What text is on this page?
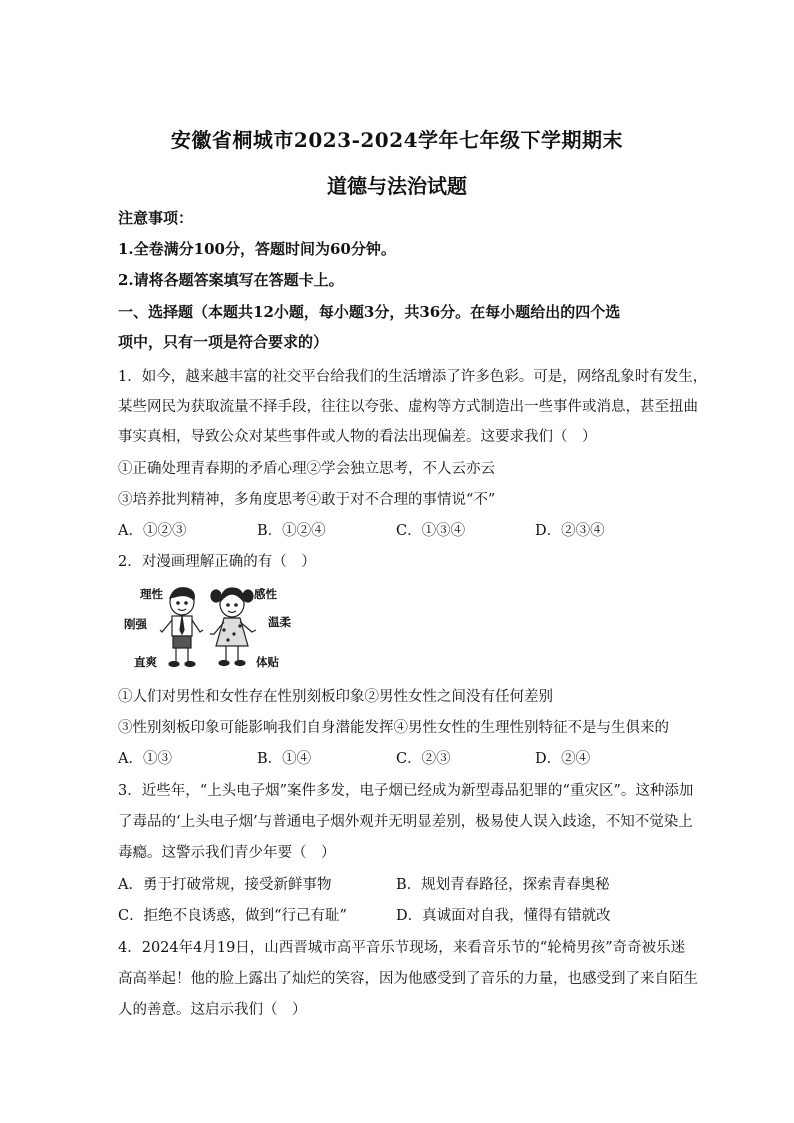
安徽省桐城市2023-2024学年七年级下学期期末
道德与法治试题
注意事项：
1.全卷满分100分，答题时间为60分钟。
2.请将各题答案填写在答题卡上。
一、选择题（本题共12小题，每小题3分，共36分。在每小题给出的四个选
项中，只有一项是符合要求的）
1．如今，越来越丰富的社交平台给我们的生活增添了许多色彩。可是，网络乱象时有发生，
某些网民为获取流量不择手段，往往以夸张、虚构等方式制造出一些事件或消息，甚至扭曲
事实真相，导致公众对某些事件或人物的看法出现偏差。这要求我们（　）
①正确处理青春期的矛盾心理②学会独立思考，不人云亦云
③培养批判精神，多角度思考④敢于对不合理的事情说“不”
A．①②③	B．①②④	C．①③④	D．②③④
2．对漫画理解正确的有（　）
理性	感性
刚强	温柔
直爽	体贴
①人们对男性和女性存在性别刻板印象②男性女性之间没有任何差别
③性别刻板印象可能影响我们自身潜能发挥④男性女性的生理性别特征不是与生俱来的
A．①③	B．①④	C．②③	D．②④
3．近些年，“上头电子烟”案件多发，电子烟已经成为新型毒品犯罪的“重灾区”。这种添加
了毒品的‘上头电子烟’与普通电子烟外观并无明显差别，极易使人误入歧途，不知不觉染上
毒瘾。这警示我们青少年要（　）
A．勇于打破常规，接受新鲜事物	B．规划青春路径，探索青春奥秘
C．拒绝不良诱惑，做到“行己有耻”	D．真诚面对自我，懂得有错就改
4．2024年4月19日，山西晋城市高平音乐节现场，来看音乐节的“轮椅男孩”奇奇被乐迷
高高举起！他的脸上露出了灿烂的笑容，因为他感受到了音乐的力量，也感受到了来自陌生
人的善意。这启示我们（　）
